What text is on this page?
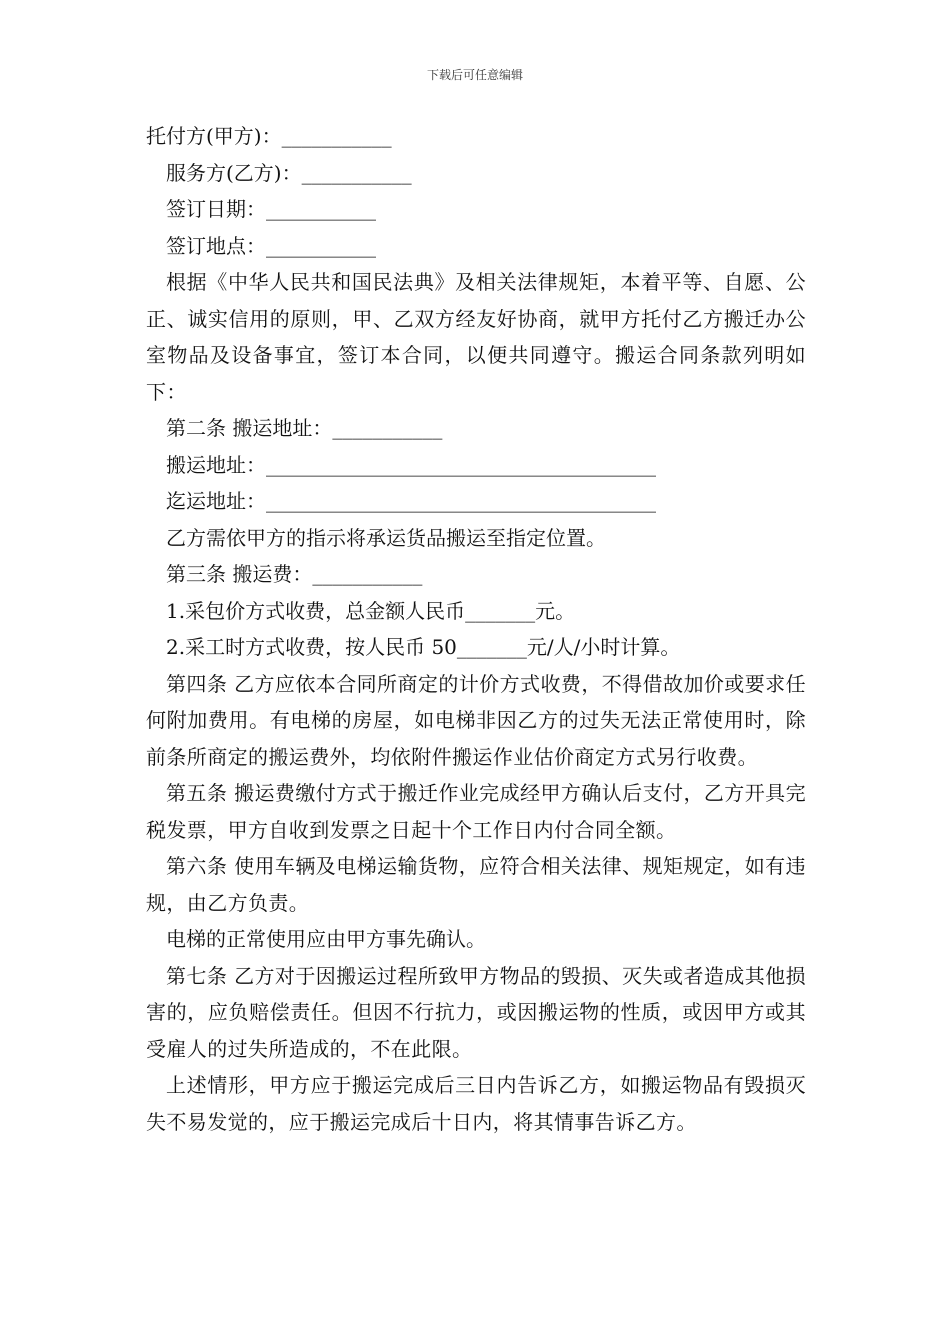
下载后可任意编辑
托付方(甲方)：___________
服务方(乙方)：___________
签订日期：___________
签订地点：___________
根据《中华人民共和国民法典》及相关法律规矩，本着平等、自愿、公正、诚实信用的原则，甲、乙双方经友好协商，就甲方托付乙方搬迁办公室物品及设备事宜，签订本合同，以便共同遵守。搬运合同条款列明如下：
第二条 搬运地址：___________
搬运地址：_______________________________________
迄运地址：_______________________________________
乙方需依甲方的指示将承运货品搬运至指定位置。
第三条 搬运费：___________
1.采包价方式收费，总金额人民币_______元。
2.采工时方式收费，按人民币 50_______元/人/小时计算。
第四条 乙方应依本合同所商定的计价方式收费，不得借故加价或要求任何附加费用。有电梯的房屋，如电梯非因乙方的过失无法正常使用时，除前条所商定的搬运费外，均依附件搬运作业估价商定方式另行收费。
第五条 搬运费缴付方式于搬迁作业完成经甲方确认后支付，乙方开具完税发票，甲方自收到发票之日起十个工作日内付合同全额。
第六条 使用车辆及电梯运输货物，应符合相关法律、规矩规定，如有违规，由乙方负责。
电梯的正常使用应由甲方事先确认。
第七条 乙方对于因搬运过程所致甲方物品的毁损、灭失或者造成其他损害的，应负赔偿责任。但因不行抗力，或因搬运物的性质，或因甲方或其受雇人的过失所造成的，不在此限。
上述情形，甲方应于搬运完成后三日内告诉乙方，如搬运物品有毁损灭失不易发觉的，应于搬运完成后十日内，将其情事告诉乙方。
